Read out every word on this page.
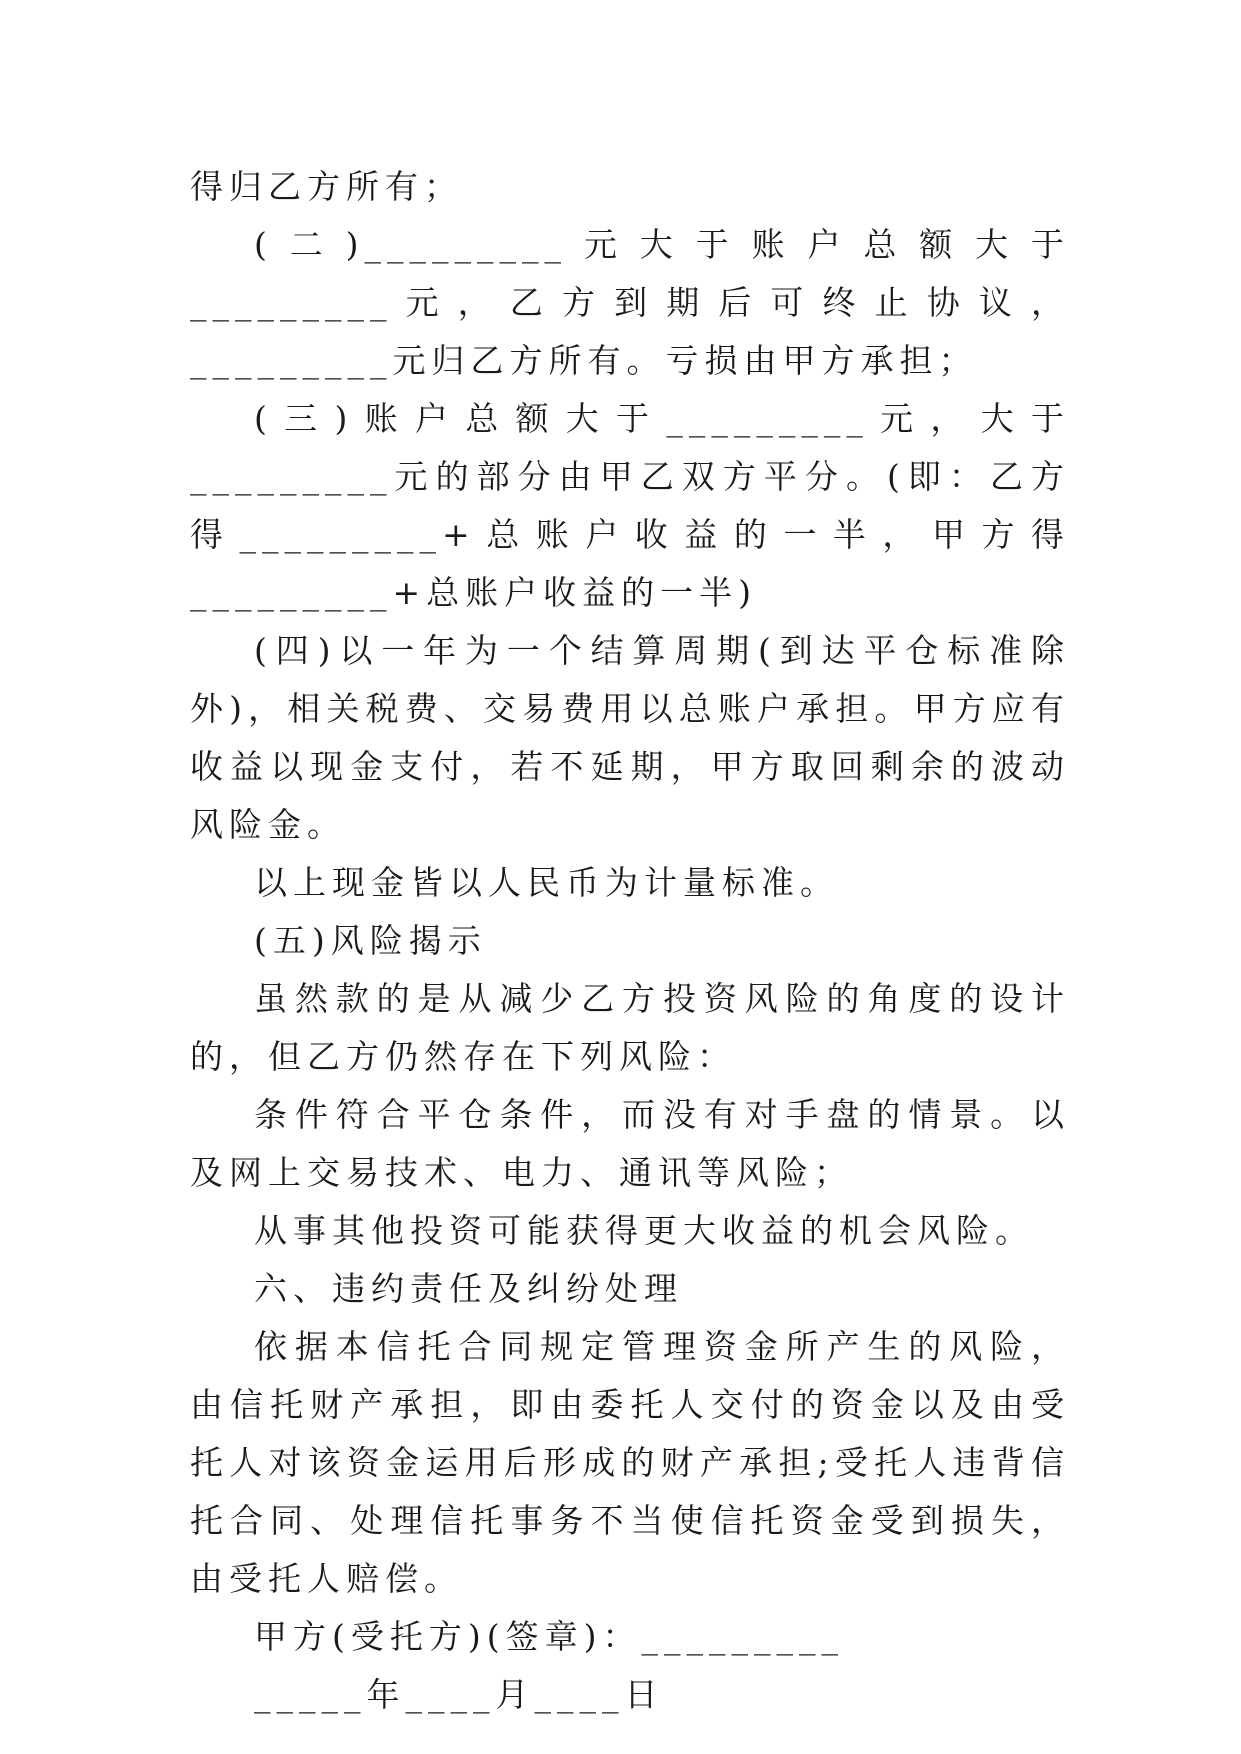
得归乙方所有；

(二)_________元大于账户总额大于_________元，乙方到期后可终止协议，_________元归乙方所有。亏损由甲方承担；

(三)账户总额大于_________元，大于_________元的部分由甲乙双方平分。(即：乙方得_________+总账户收益的一半，甲方得_________+总账户收益的一半)

(四)以一年为一个结算周期(到达平仓标准除外)，相关税费、交易费用以总账户承担。甲方应有收益以现金支付，若不延期，甲方取回剩余的波动风险金。

以上现金皆以人民币为计量标准。

(五)风险揭示

虽然款的是从减少乙方投资风险的角度的设计的，但乙方仍然存在下列风险：

条件符合平仓条件，而没有对手盘的情景。以及网上交易技术、电力、通讯等风险；

从事其他投资可能获得更大收益的机会风险。

六、违约责任及纠纷处理

依据本信托合同规定管理资金所产生的风险，由信托财产承担，即由委托人交付的资金以及由受托人对该资金运用后形成的财产承担;受托人违背信托合同、处理信托事务不当使信托资金受到损失，由受托人赔偿。

甲方(受托方)(签章)：_________

_____年____月____日
